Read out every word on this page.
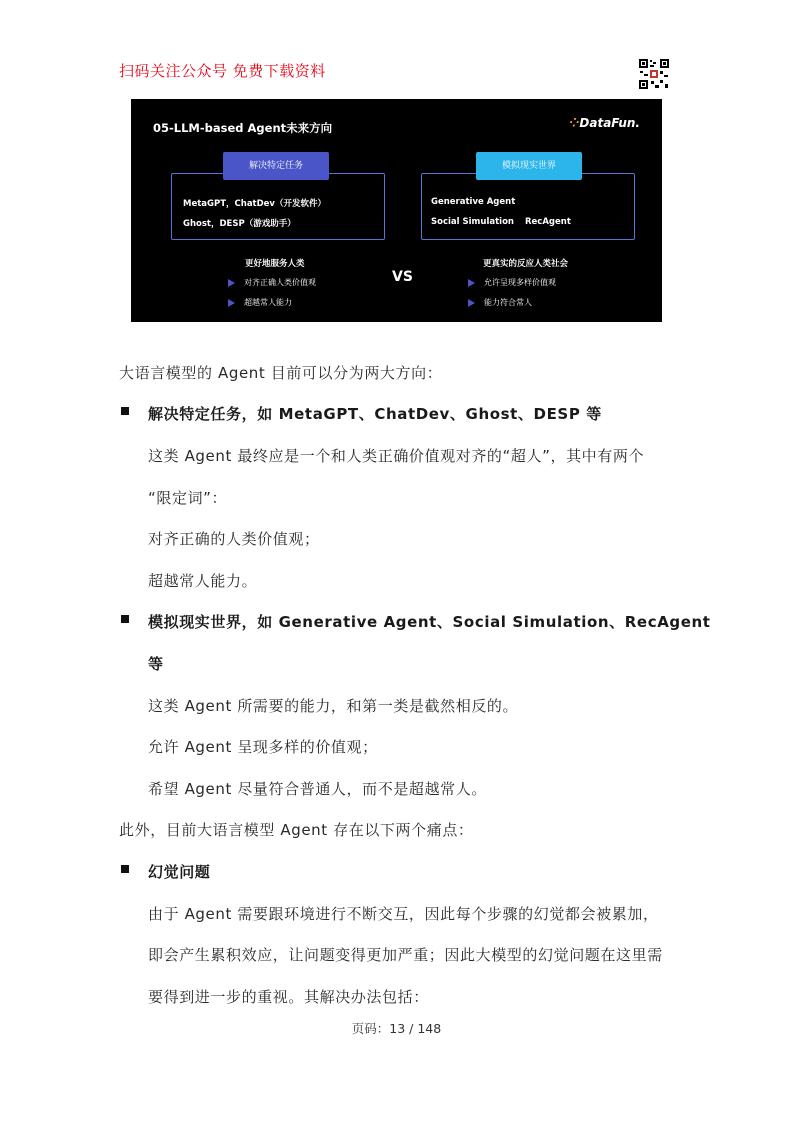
扫码关注公众号 免费下载资料
05-LLM-based Agent未来方向	⁘DataFun.
解决特定任务
MetaGPT，ChatDev（开发软件）
Ghost，DESP（游戏助手）
模拟现实世界
Generative Agent
Social Simulation RecAgent
更好地服务人类
对齐正确人类价值观
超越常人能力
VS
更真实的反应人类社会
允许呈现多样价值观
能力符合常人
大语言模型的 Agent 目前可以分为两大方向：
解决特定任务，如 MetaGPT、ChatDev、Ghost、DESP 等
这类 Agent 最终应是一个和人类正确价值观对齐的“超人”，其中有两个
“限定词”：
对齐正确的人类价值观；
超越常人能力。
模拟现实世界，如 Generative Agent、Social Simulation、RecAgent
等
这类 Agent 所需要的能力，和第一类是截然相反的。
允许 Agent 呈现多样的价值观；
希望 Agent 尽量符合普通人，而不是超越常人。
此外，目前大语言模型 Agent 存在以下两个痛点：
幻觉问题
由于 Agent 需要跟环境进行不断交互，因此每个步骤的幻觉都会被累加，
即会产生累积效应，让问题变得更加严重；因此大模型的幻觉问题在这里需
要得到进一步的重视。其解决办法包括：
页码：13 / 148
